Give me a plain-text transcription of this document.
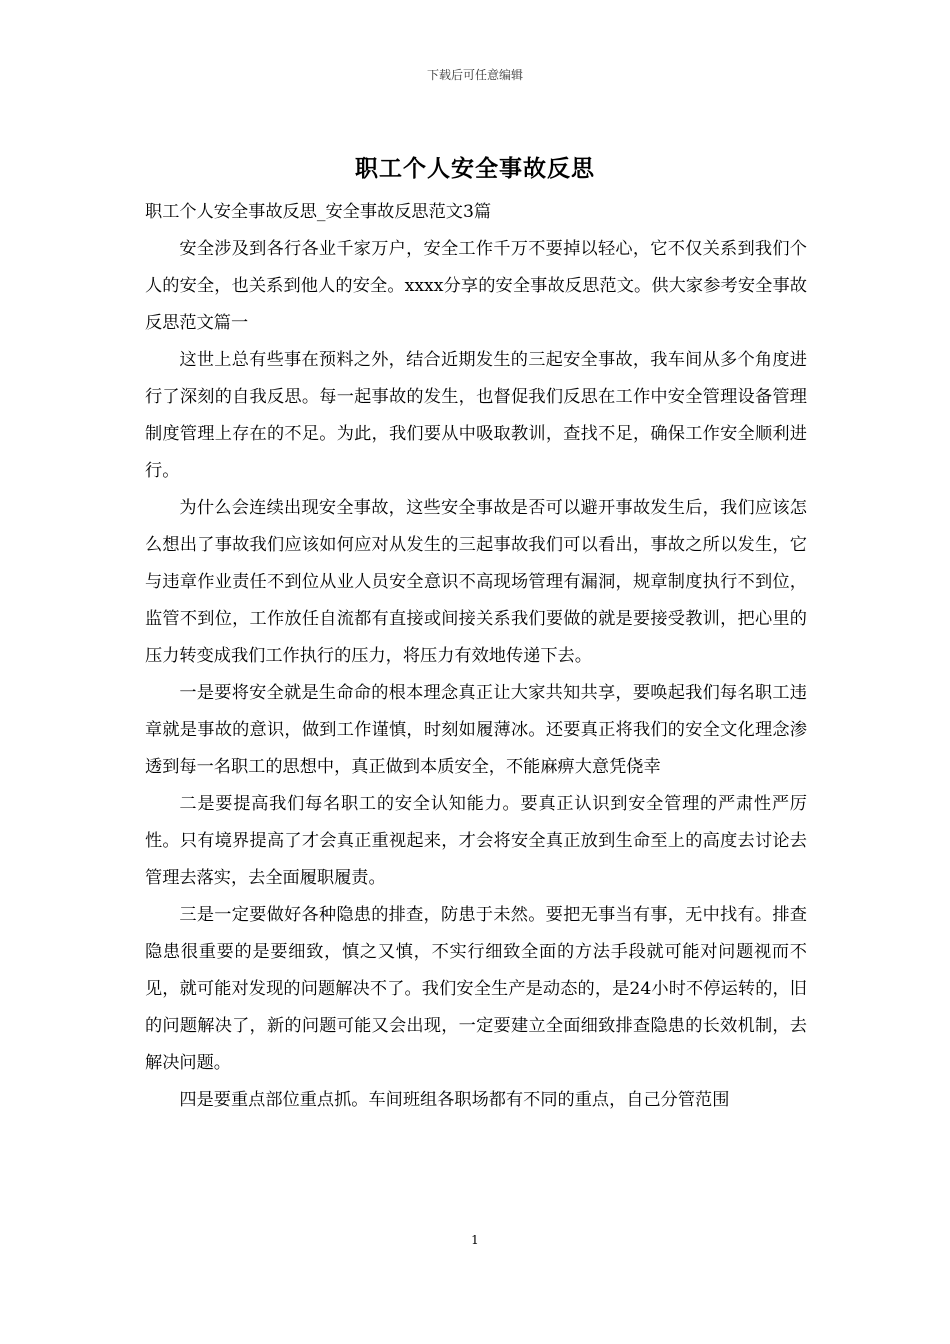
下载后可任意编辑
职工个人安全事故反思

职工个人安全事故反思_安全事故反思范文3篇

安全涉及到各行各业千家万户，安全工作千万不要掉以轻心，它不仅关系到我们个人的安全，也关系到他人的安全。xxxx分享的安全事故反思范文。供大家参考安全事故反思范文篇一

这世上总有些事在预料之外，结合近期发生的三起安全事故，我车间从多个角度进行了深刻的自我反思。每一起事故的发生，也督促我们反思在工作中安全管理设备管理制度管理上存在的不足。为此，我们要从中吸取教训，查找不足，确保工作安全顺利进行。

为什么会连续出现安全事故，这些安全事故是否可以避开事故发生后，我们应该怎么想出了事故我们应该如何应对从发生的三起事故我们可以看出，事故之所以发生，它与违章作业责任不到位从业人员安全意识不高现场管理有漏洞，规章制度执行不到位，监管不到位，工作放任自流都有直接或间接关系我们要做的就是要接受教训，把心里的压力转变成我们工作执行的压力，将压力有效地传递下去。

一是要将安全就是生命命的根本理念真正让大家共知共享，要唤起我们每名职工违章就是事故的意识，做到工作谨慎，时刻如履薄冰。还要真正将我们的安全文化理念渗透到每一名职工的思想中，真正做到本质安全，不能麻痹大意凭侥幸

二是要提高我们每名职工的安全认知能力。要真正认识到安全管理的严肃性严厉性。只有境界提高了才会真正重视起来，才会将安全真正放到生命至上的高度去讨论去管理去落实，去全面履职履责。

三是一定要做好各种隐患的排查，防患于未然。要把无事当有事，无中找有。排查隐患很重要的是要细致，慎之又慎，不实行细致全面的方法手段就可能对问题视而不见，就可能对发现的问题解决不了。我们安全生产是动态的，是24小时不停运转的，旧的问题解决了，新的问题可能又会出现，一定要建立全面细致排查隐患的长效机制，去解决问题。

四是要重点部位重点抓。车间班组各职场都有不同的重点，自己分管范围

1
